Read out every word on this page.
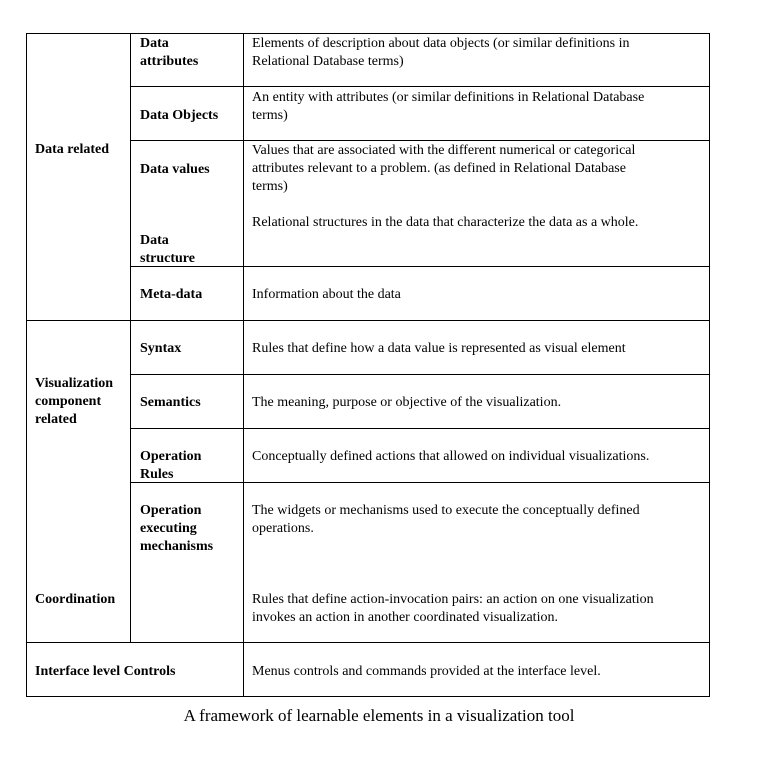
Data related
Visualization
component
related
Coordination
Interface level Controls
Data
attributes
Data Objects
Data values
Data
structure
Meta-data
Syntax
Semantics
Operation
Rules
Operation
executing
mechanisms
Elements of description about data objects (or similar definitions in
Relational Database terms)
An entity with attributes (or similar definitions in Relational Database
terms)
Values that are associated with the different numerical or categorical
attributes relevant to a problem. (as defined in Relational Database
terms)
Relational structures in the data that characterize the data as a whole.
Information about the data
Rules that define how a data value is represented as visual element
The meaning, purpose or objective of the visualization.
Conceptually defined actions that allowed on individual visualizations.
The widgets or mechanisms used to execute the conceptually defined
operations.
Rules that define action-invocation pairs: an action on one visualization
invokes an action in another coordinated visualization.
Menus controls and commands provided at the interface level.
A framework of learnable elements in a visualization tool
